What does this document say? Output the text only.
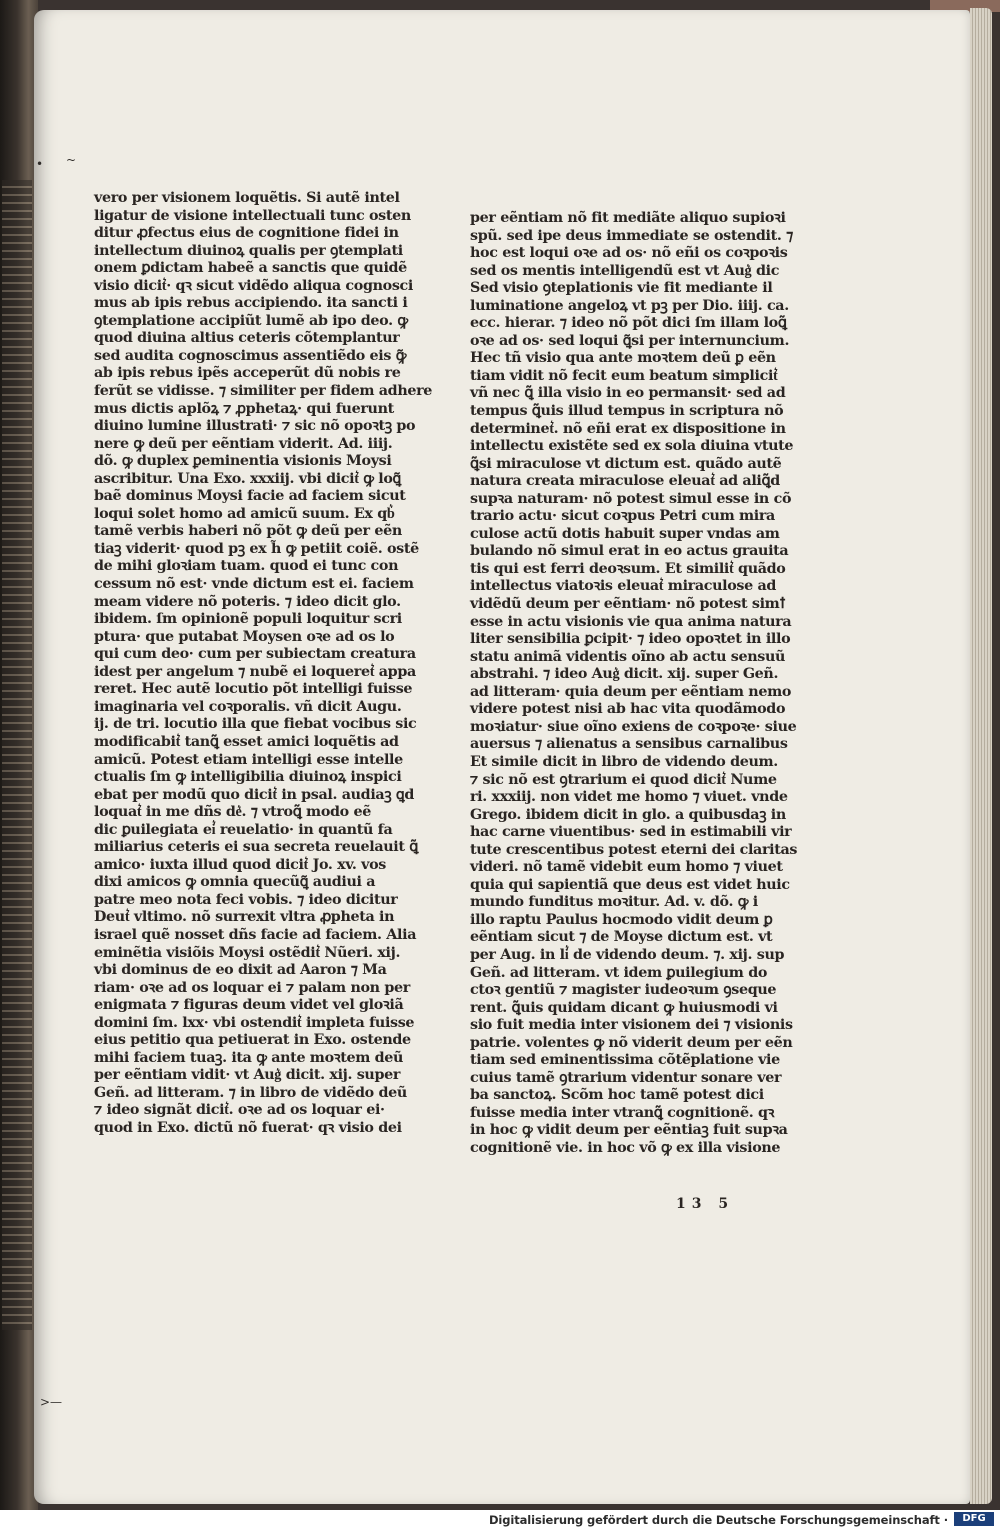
• ~
>—
vero per visionem loquẽtis. Si autẽ intel
ligatur de visione intellectuali tunc osten
ditur ꝓfectus eius de cognitione fidei in
intellectum diuinoꝝ qualis per ꝯtemplati
onem ꝑdictam habeẽ a sanctis que quidẽ
visio dicit͛· qꝛ sicut vidẽdo aliqua cognosci
mus ab ipis rebus accipiendo. ita sancti i
ꝯtemplatione accipiũt lumẽ ab ipo deo. ꝙ
quod diuina altius ceteris cõtemplantur
sed audita cognoscimus assentiẽdo eis ꝙ̃
ab ipis rebus ipẽs acceperũt dũ nobis re
ferũt se vidisse. ⁊ similiter per fidem adhere
mus dictis aplõꝝ ⁊ ꝓphetaꝝ· qui fuerunt
diuino lumine illustrati· ⁊ sic nõ opoꝛtꝫ po
nere ꝙ deũ per eẽntiam viderit. Ad. iiij.
dõ. ꝙ duplex ꝑeminentia visionis Moysi
ascribitur. Una Exo. xxxiij. vbi dicit͛ ꝙ loꝗ̃
baẽ dominus Moysi facie ad faciem sicut
loqui solet homo ad amicũ suum. Ex qb͛
tamẽ verbis haberi nõ põt ꝙ deũ per eẽn
tiaꝫ viderit· quod pꝫ ex h̃ ꝙ petiit coiẽ. ostẽ
de mihi gloꝛiam tuam. quod ei tunc con
cessum nõ est· vnde dictum est ei. faciem
meam videre nõ poteris. ⁊ ideo dicit glo.
ibidem. ſm opinionẽ populi loquitur scri
ptura· que putabat Moysen oꝛe ad os lo
qui cum deo· cum per subiectam creatura
idest per angelum ⁊ nubẽ ei loqueret͛ appa
reret. Hec autẽ locutio põt intelligi fuisse
imaginaria vel coꝛporalis. vñ dicit Augu.
ij. de tri. locutio illa que fiebat vocibus sic
modificabit͛ tanꝗ̃ esset amici loquẽtis ad
amicũ. Potest etiam intelligi esse intelle
ctualis ſm ꝙ intelligibilia diuinoꝝ inspici
ebat per modũ quo dicit͛ in psal. audiaꝫ ꝗd
loquat͛ in me dñs de͛. ⁊ vtroꝗ̃ modo eẽ
dic ꝑuilegiata ei͛ reuelatio· in quantũ fa
miliarius ceteris ei sua secreta reuelauit ꝗ̃
amico· iuxta illud quod dicit͛ Jo. xv. vos
dixi amicos ꝙ omnia quecũꝗ̃ audiui a
patre meo nota feci vobis. ⁊ ideo dicitur
Deut͛ vltimo. nõ surrexit vltra ꝓpheta in
israel quẽ nosset dñs facie ad faciem. Alia
eminẽtia visiõis Moysi ostẽdit͛ Nũeri. xij.
vbi dominus de eo dixit ad Aaron ⁊ Ma
riam· oꝛe ad os loquar ei ⁊ palam non per
enigmata ⁊ figuras deum videt vel gloꝛiã
domini ſm. lxx· vbi ostendit͛ impleta fuisse
eius petitio qua petiuerat in Exo. ostende
mihi faciem tuaꝫ. ita ꝙ ante moꝛtem deũ
per eẽntiam vidit· vt Aug͛ dicit. xij. super
Geñ. ad litteram. ⁊ in libro de vidẽdo deũ
⁊ ideo signãt dicit͛. oꝛe ad os loquar ei·
quod in Exo. dictũ nõ fuerat· qꝛ visio dei
per eẽntiam nõ fit mediãte aliquo supioꝛi
spũ. sed ipe deus immediate se ostendit. ⁊
hoc est loqui oꝛe ad os· nõ eñi os coꝛpoꝛis
sed os mentis intelligendũ est vt Aug͛ dic
Sed visio ꝯteplationis vie fit mediante il
luminatione angeloꝝ vt pꝫ per Dio. iiij. ca.
ecc. hierar. ⁊ ideo nõ põt dici ſm illam loꝗ̃
oꝛe ad os· sed loqui ꝗ̃si per internuncium.
Hec tñ visio qua ante moꝛtem deũ ꝑ eẽn
tiam vidit nõ fecit eum beatum simplicit͛
vñ nec ꝗ̃ illa visio in eo permansit· sed ad
tempus ꝗ̃uis illud tempus in scriptura nõ
determinet͛. nõ eñi erat ex dispositione in
intellectu existẽte sed ex sola diuina vtute
ꝗ̃si miraculose vt dictum est. quãdo autẽ
natura creata miraculose eleuat͛ ad aliꝗ̃d
supꝛa naturam· nõ potest simul esse in cõ
trario actu· sicut coꝛpus Petri cum mira
culose actũ dotis habuit super vndas am
bulando nõ simul erat in eo actus grauita
tis qui est ferri deoꝛsum. Et similit͛ quãdo
intellectus viatoꝛis eleuat͛ miraculose ad
vidẽdũ deum per eẽntiam· nõ potest simꝉ
esse in actu visionis vie qua anima natura
liter sensibilia ꝑcipit· ⁊ ideo opoꝛtet in illo
statu animã videntis oĩno ab actu sensuũ
abstrahi. ⁊ ideo Aug͛ dicit. xij. super Geñ.
ad litteram· quia deum per eẽntiam nemo
videre potest nisi ab hac vita quodãmodo
moꝛiatur· siue oĩno exiens de coꝛpoꝛe· siue
auersus ⁊ alienatus a sensibus carnalibus
Et simile dicit in libro de videndo deum.
⁊ sic nõ est ꝯtrarium ei quod dicit͛ Nume
ri. xxxiij. non videt me homo ⁊ viuet. vnde
Grego. ibidem dicit in glo. a quibusdaꝫ in
hac carne viuentibus· sed in estimabili vir
tute crescentibus potest eterni dei claritas
videri. nõ tamẽ videbit eum homo ⁊ viuet
quia qui sapientiã que deus est videt huic
mundo funditus moꝛitur. Ad. v. dõ. ꝙ i
illo raptu Paulus hocmodo vidit deum ꝑ
eẽntiam sicut ⁊ de Moyse dictum est. vt
per Aug. in li͛ de videndo deum. ⁊. xij. sup
Geñ. ad litteram. vt idem ꝑuilegium do
ctoꝛ gentiũ ⁊ magister iudeoꝛum ꝯseque
rent. ꝗ̃uis quidam dicant ꝙ huiusmodi vi
sio fuit media inter visionem dei ⁊ visionis
patrie. volentes ꝙ nõ viderit deum per eẽn
tiam sed eminentissima cõtẽplatione vie
cuius tamẽ ꝯtrarium videntur sonare ver
ba sanctoꝝ. Scõm hoc tamẽ potest dici
fuisse media inter vtranꝗ̃ cognitionẽ. qꝛ
in hoc ꝙ vidit deum per eẽntiaꝫ fuit supꝛa
cognitionẽ vie. in hoc võ ꝙ ex illa visione
13 5
Digitalisierung gefördert durch die Deutsche Forschungsgemeinschaft ·	DFG
